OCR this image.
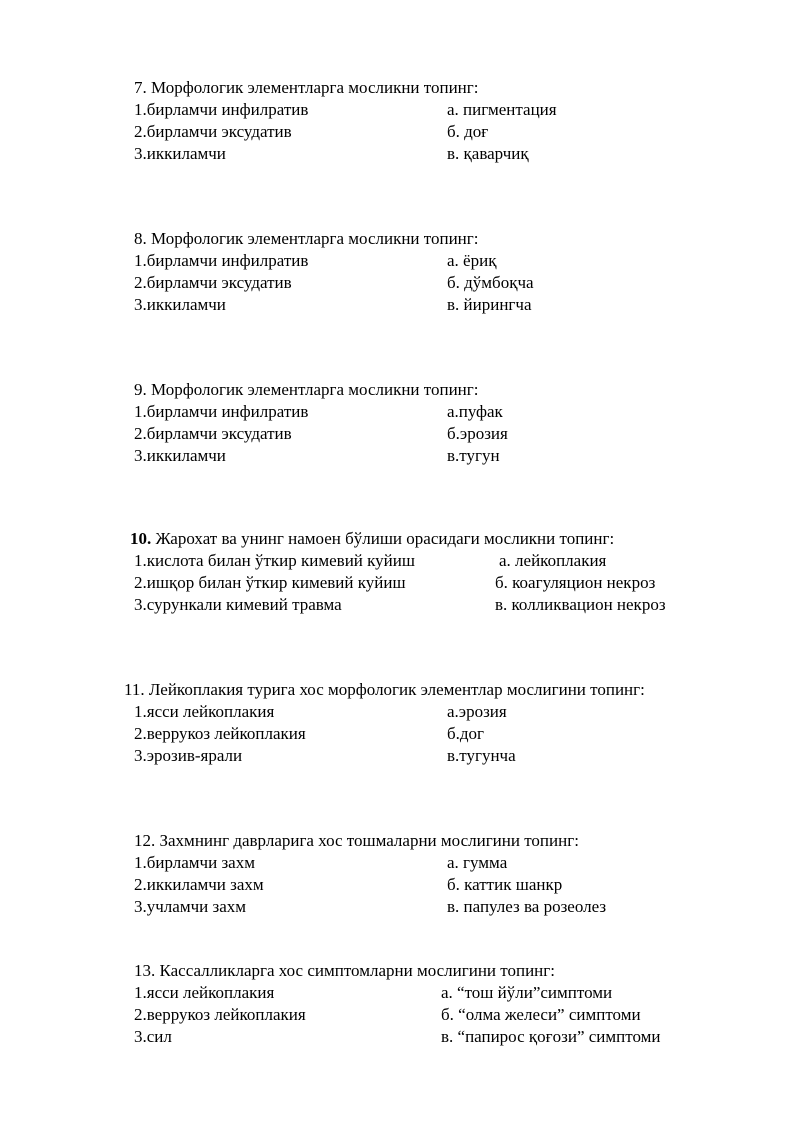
7. Морфологик элементларга мосликни топинг:
1.бирламчи инфилратив	а. пигментация
2.бирламчи эксудатив	б. доғ
3.иккиламчи	в. қаварчиқ
8. Морфологик элементларга мосликни топинг:
1.бирламчи инфилратив	а. ёриқ
2.бирламчи эксудатив	б. дўмбоқча
3.иккиламчи	в. йирингча
9. Морфологик элементларга мосликни топинг:
1.бирламчи инфилратив	а.пуфак
2.бирламчи эксудатив	б.эрозия
3.иккиламчи	в.тугун
10. Жарохат ва унинг намоен бўлиши орасидаги мосликни топинг:
1.кислота билан ўткир кимевий куйиш	а. лейкоплакия
2.ишқор билан ўткир кимевий куйиш	б. коагуляцион некроз
3.сурункали кимевий травма	в. колликвацион некроз
11. Лейкоплакия турига хос морфологик элементлар мослигини топинг:
1.ясси лейкоплакия	а.эрозия
2.веррукоз лейкоплакия	б.дог
3.эрозив-ярали	в.тугунча
12. Захмнинг даврларига хос тошмаларни мослигини топинг:
1.бирламчи захм	а. гумма
2.иккиламчи захм	б. каттик шанкр
3.учламчи захм	в. папулез ва розеолез
13. Кассалликларга хос симптомларни мослигини топинг:
1.ясси лейкоплакия	а. “тош йўли”симптоми
2.веррукоз лейкоплакия	б. “олма желеси” симптоми
3.сил	в. “папирос қоғози” симптоми
